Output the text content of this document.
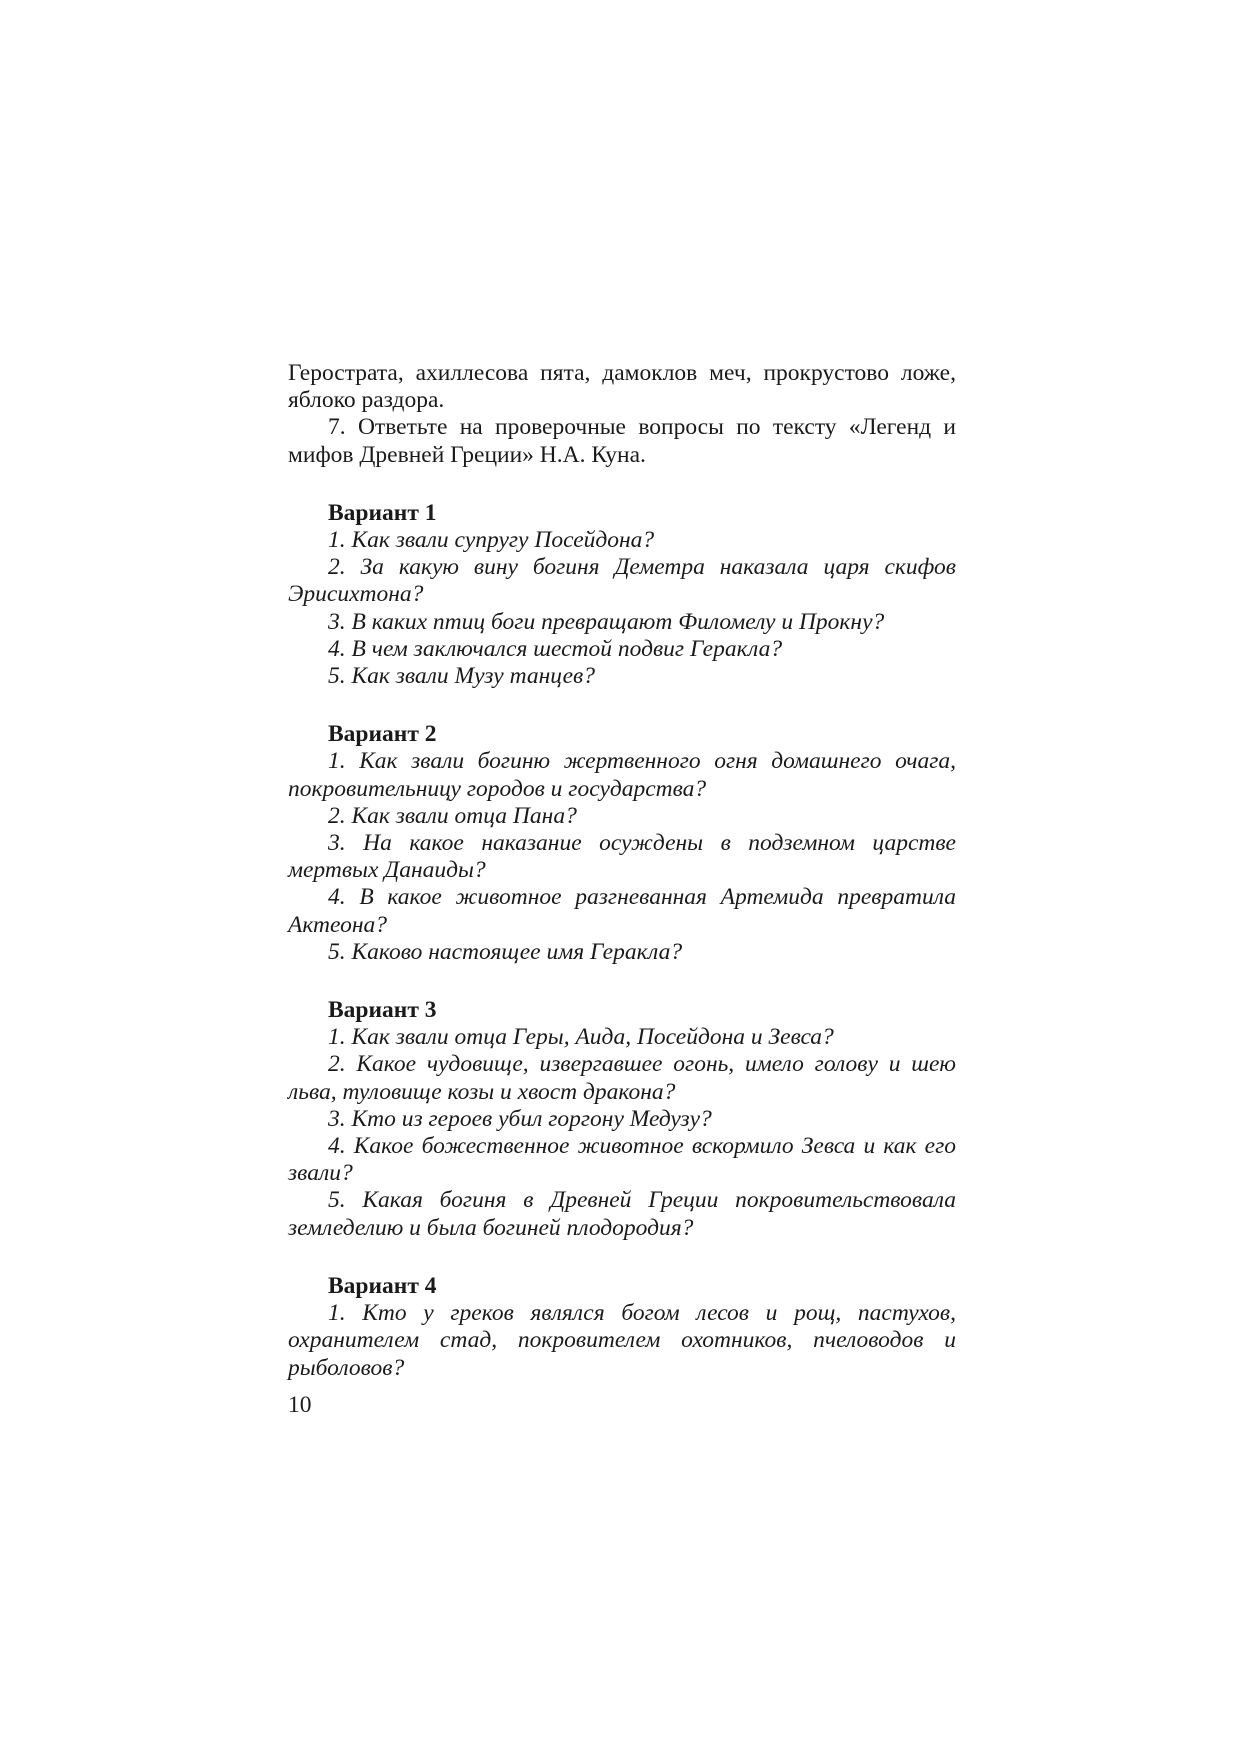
Герострата, ахиллесова пята, дамоклов меч, прокрустово ложе, яблоко раздора.

7. Ответьте на проверочные вопросы по тексту «Легенд и мифов Древней Греции» Н.А. Куна.

Вариант 1

1. Как звали супругу Посейдона?

2. За какую вину богиня Деметра наказала царя скифов Эрисихтона?

3. В каких птиц боги превращают Филомелу и Прокну?

4. В чем заключался шестой подвиг Геракла?

5. Как звали Музу танцев?

Вариант 2

1. Как звали богиню жертвенного огня домашнего очага, покровительницу городов и государства?

2. Как звали отца Пана?

3. На какое наказание осуждены в подземном царстве мертвых Данаиды?

4. В какое животное разгневанная Артемида превратила Актеона?

5. Каково настоящее имя Геракла?

Вариант 3

1. Как звали отца Геры, Аида, Посейдона и Зевса?

2. Какое чудовище, извергавшее огонь, имело голову и шею льва, туловище козы и хвост дракона?

3. Кто из героев убил горгону Медузу?

4. Какое божественное животное вскормило Зевса и как его звали?

5. Какая богиня в Древней Греции покровительствовала земледелию и была богиней плодородия?

Вариант 4

1. Кто у греков являлся богом лесов и рощ, пастухов, охранителем стад, покровителем охотников, пчеловодов и рыболовов?

10
